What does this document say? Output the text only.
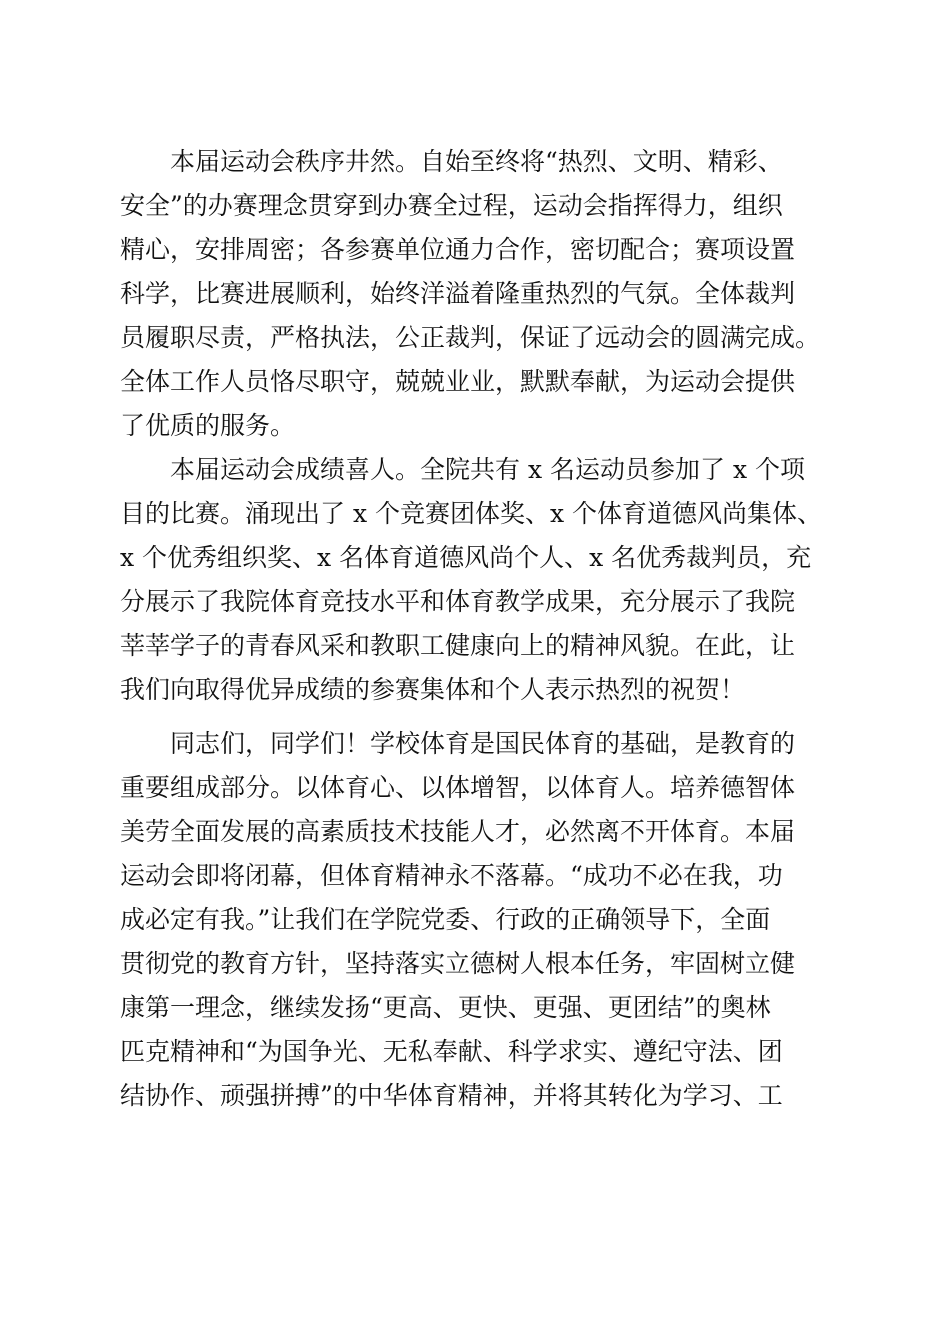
本届运动会秩序井然。自始至终将“热烈、文明、精彩、

安全”的办赛理念贯穿到办赛全过程，运动会指挥得力，组织

精心，安排周密；各参赛单位通力合作，密切配合；赛项设置

科学，比赛进展顺利，始终洋溢着隆重热烈的气氛。全体裁判

员履职尽责，严格执法，公正裁判，保证了远动会的圆满完成。

全体工作人员恪尽职守，兢兢业业，默默奉献，为运动会提供

了优质的服务。

本届运动会成绩喜人。全院共有 x 名运动员参加了 x 个项

目的比赛。涌现出了 x 个竞赛团体奖、x 个体育道德风尚集体、

x 个优秀组织奖、x 名体育道德风尚个人、x 名优秀裁判员，充

分展示了我院体育竞技水平和体育教学成果，充分展示了我院

莘莘学子的青春风采和教职工健康向上的精神风貌。在此，让

我们向取得优异成绩的参赛集体和个人表示热烈的祝贺！

同志们，同学们！学校体育是国民体育的基础，是教育的

重要组成部分。以体育心、以体增智，以体育人。培养德智体

美劳全面发展的高素质技术技能人才，必然离不开体育。本届

运动会即将闭幕，但体育精神永不落幕。“成功不必在我，功

成必定有我。”让我们在学院党委、行政的正确领导下，全面

贯彻党的教育方针，坚持落实立德树人根本任务，牢固树立健

康第一理念，继续发扬“更高、更快、更强、更团结”的奥林

匹克精神和“为国争光、无私奉献、科学求实、遵纪守法、团

结协作、顽强拼搏”的中华体育精神，并将其转化为学习、工
